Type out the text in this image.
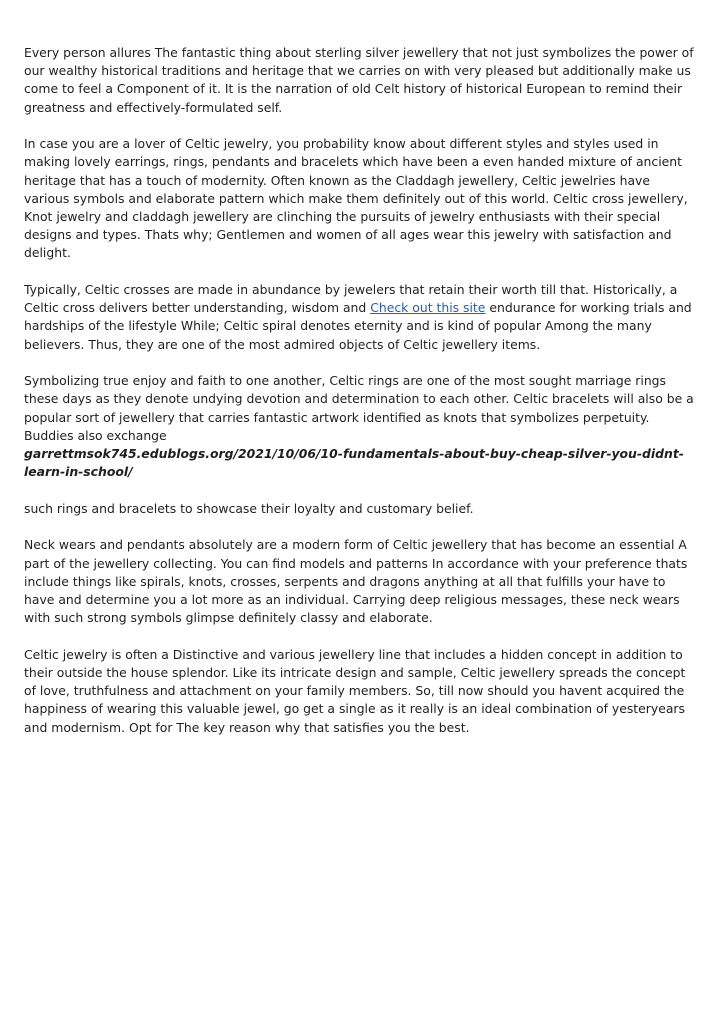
Every person allures The fantastic thing about sterling silver jewellery that not just symbolizes the power of our wealthy historical traditions and heritage that we carries on with very pleased but additionally make us come to feel a Component of it. It is the narration of old Celt history of historical European to remind their greatness and effectively-formulated self.

In case you are a lover of Celtic jewelry, you probability know about different styles and styles used in making lovely earrings, rings, pendants and bracelets which have been a even handed mixture of ancient heritage that has a touch of modernity. Often known as the Claddagh jewellery, Celtic jewelries have various symbols and elaborate pattern which make them definitely out of this world. Celtic cross jewellery, Knot jewelry and claddagh jewellery are clinching the pursuits of jewelry enthusiasts with their special designs and types. Thats why; Gentlemen and women of all ages wear this jewelry with satisfaction and delight.

Typically, Celtic crosses are made in abundance by jewelers that retain their worth till that. Historically, a Celtic cross delivers better understanding, wisdom and Check out this site endurance for working trials and hardships of the lifestyle While; Celtic spiral denotes eternity and is kind of popular Among the many believers. Thus, they are one of the most admired objects of Celtic jewellery items.

Symbolizing true enjoy and faith to one another, Celtic rings are one of the most sought marriage rings these days as they denote undying devotion and determination to each other. Celtic bracelets will also be a popular sort of jewellery that carries fantastic artwork identified as knots that symbolizes perpetuity. Buddies also exchange
garrettmsok745.edublogs.org/2021/10/06/10-fundamentals-about-buy-cheap-silver-you-didnt-learn-in-school/

such rings and bracelets to showcase their loyalty and customary belief.

Neck wears and pendants absolutely are a modern form of Celtic jewellery that has become an essential A part of the jewellery collecting. You can find models and patterns In accordance with your preference thats include things like spirals, knots, crosses, serpents and dragons anything at all that fulfills your have to have and determine you a lot more as an individual. Carrying deep religious messages, these neck wears with such strong symbols glimpse definitely classy and elaborate.

Celtic jewelry is often a Distinctive and various jewellery line that includes a hidden concept in addition to their outside the house splendor. Like its intricate design and sample, Celtic jewellery spreads the concept of love, truthfulness and attachment on your family members. So, till now should you havent acquired the happiness of wearing this valuable jewel, go get a single as it really is an ideal combination of yesteryears and modernism. Opt for The key reason why that satisfies you the best.
